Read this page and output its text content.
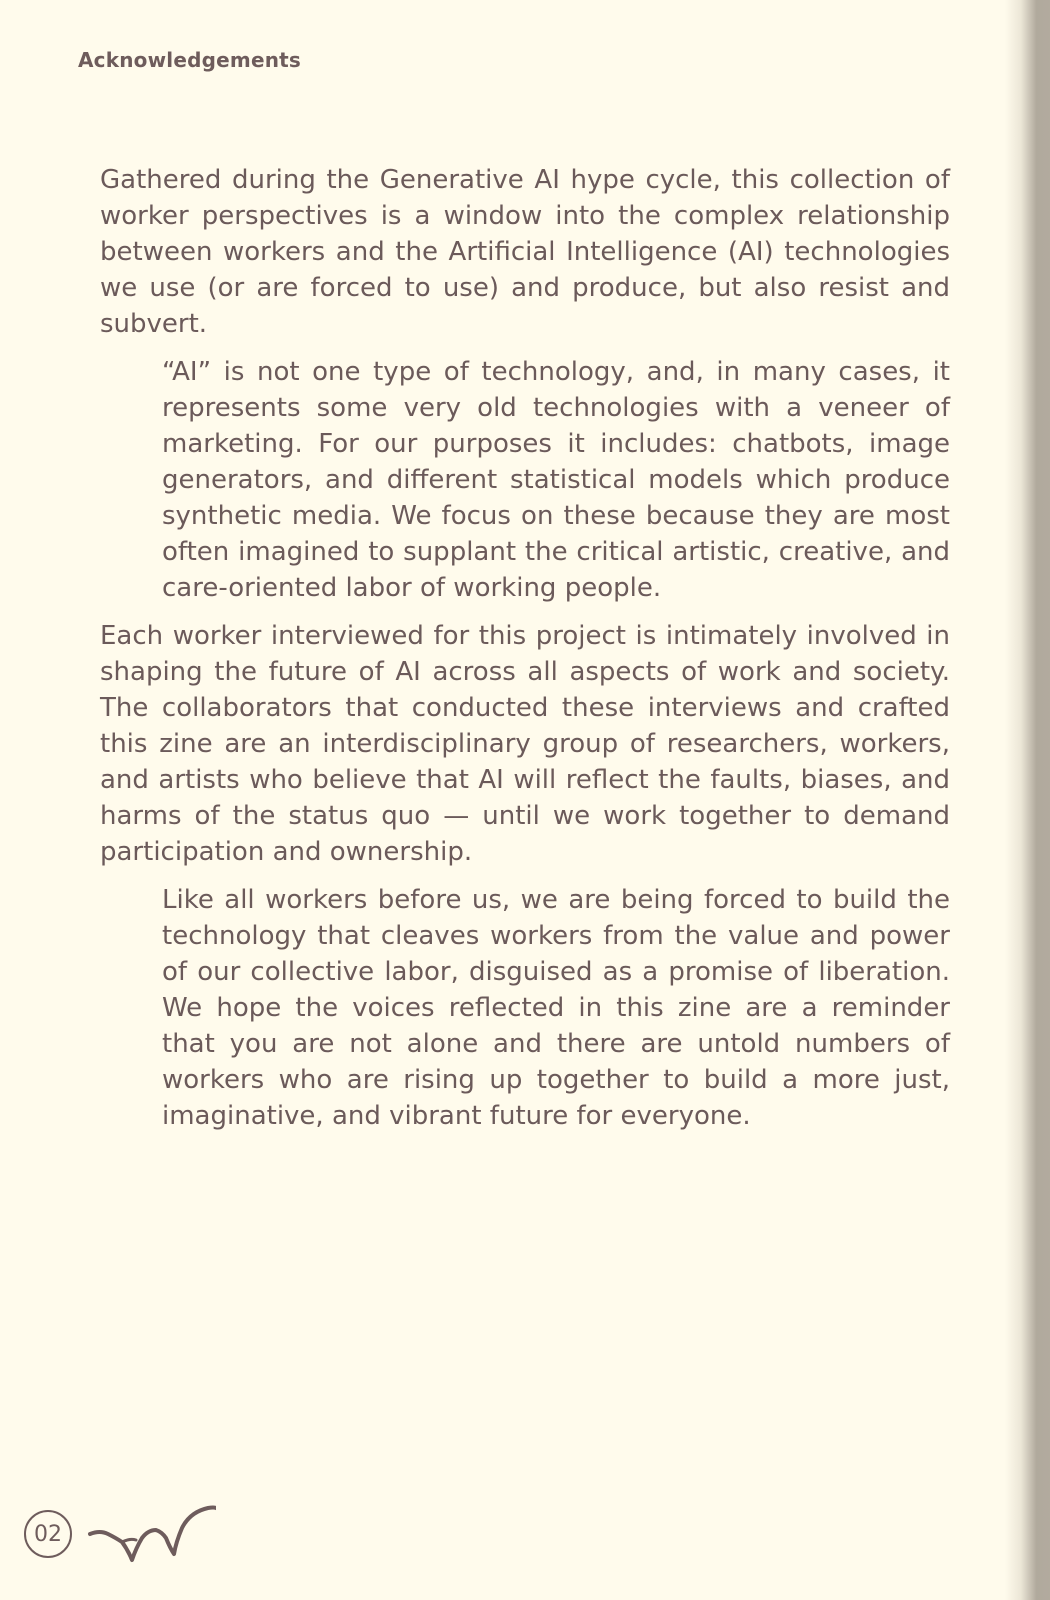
Acknowledgements

Gathered during the Generative AI hype cycle, this collection of worker perspectives is a window into the complex relationship between workers and the Artificial Intelligence (AI) technologies we use (or are forced to use) and produce, but also resist and subvert.

“AI” is not one type of technology, and, in many cases, it represents some very old technologies with a veneer of marketing. For our purposes it includes: chatbots, image generators, and different statistical models which produce synthetic media. We focus on these because they are most often imagined to supplant the critical artistic, creative, and care-oriented labor of working people.

Each worker interviewed for this project is intimately involved in shaping the future of AI across all aspects of work and society. The collaborators that conducted these interviews and crafted this zine are an interdisciplinary group of researchers, workers, and artists who believe that AI will reflect the faults, biases, and harms of the status quo — until we work together to demand participation and ownership.

Like all workers before us, we are being forced to build the technology that cleaves workers from the value and power of our collective labor, disguised as a promise of liberation. We hope the voices reflected in this zine are a reminder that you are not alone and there are untold numbers of workers who are rising up together to build a more just, imaginative, and vibrant future for everyone.

02
